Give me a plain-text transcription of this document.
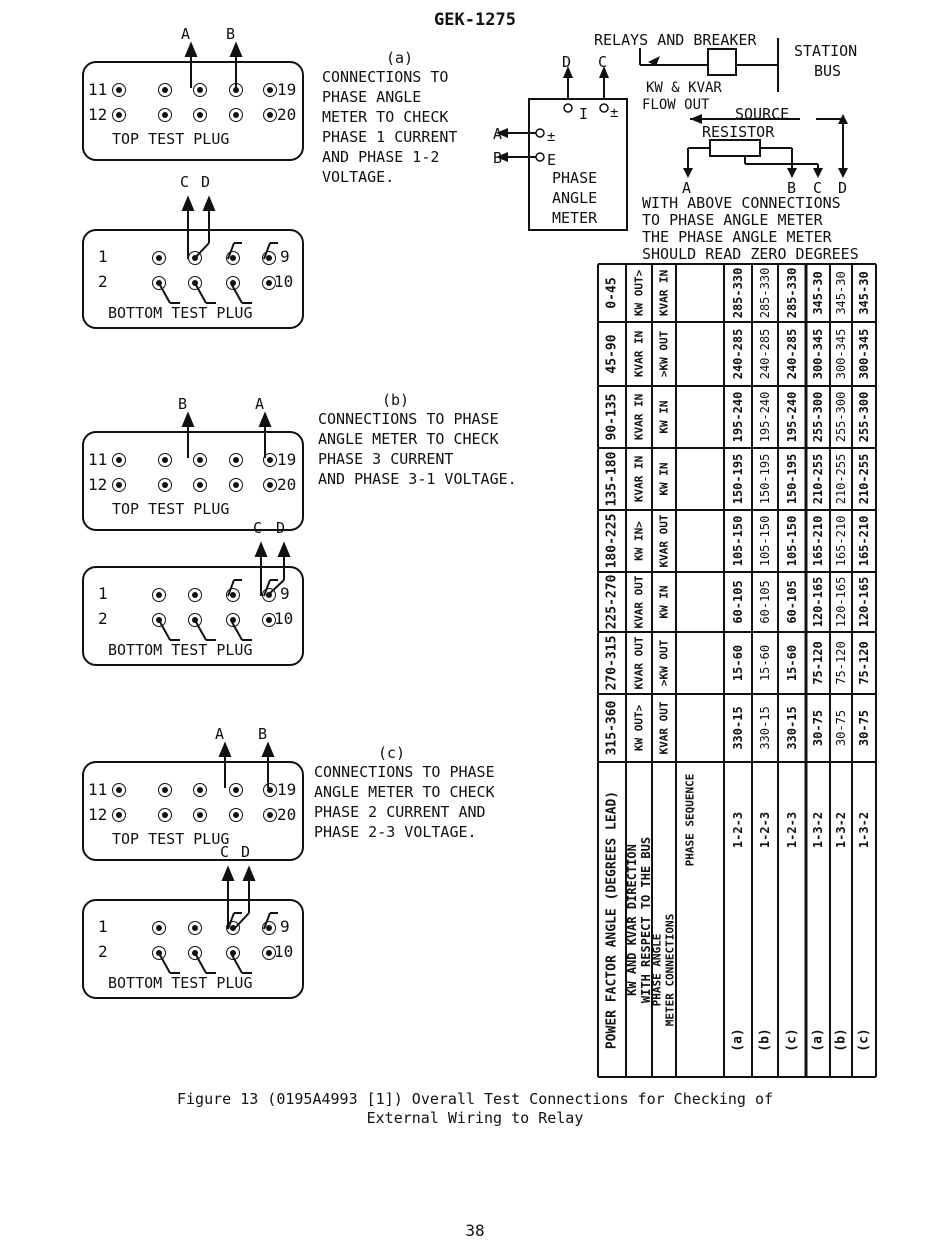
GEK-1275
A B
11
12
19
20
TOP TEST PLUG
(a)
CONNECTIONS TO
PHASE ANGLE
METER TO CHECK
PHASE 1 CURRENT
AND PHASE 1-2
VOLTAGE.
C D
1
2
9
10
BOTTOM TEST PLUG
B	A
11
12
19
20
TOP TEST PLUG
(b)
CONNECTIONS TO PHASE
ANGLE METER TO CHECK
PHASE 3 CURRENT
AND PHASE 3-1 VOLTAGE.
C D
1
2
9
10
BOTTOM TEST PLUG
A B
11
12
19
20
TOP TEST PLUG
(c)
CONNECTIONS TO PHASE
ANGLE METER TO CHECK
PHASE 2 CURRENT AND
PHASE 2-3 VOLTAGE.
C D
1
2
9
10
BOTTOM TEST PLUG
RELAYS AND BREAKER
STATION
BUS
KW & KVAR
FLOW OUT SOURCE
RESISTOR
D C
A
B
I ±
±
E
PHASE
ANGLE
METER
A	B C D
WITH ABOVE CONNECTIONS
TO PHASE ANGLE METER
THE PHASE ANGLE METER
SHOULD READ ZERO DEGREES
POWER FACTOR ANGLE (DEGREES LEAD) KW AND KVAR DIRECTION WITH RESPECT TO THE BUS
PHASE ANGLE METER CONNECTIONS
PHASE SEQUENCE
0-45 KW OUT> KVAR IN
45-90 KVAR IN >KW OUT
90-135 KVAR IN KW IN
135-180 KVAR IN KW IN
180-225 KW IN> KVAR OUT
225-270 KVAR OUT KW IN
270-315 KVAR OUT >KW OUT
315-360 KW OUT> KVAR OUT
(a)
1-2-3
330-15
15-60
60-105
105-150
150-195
195-240
240-285
285-330
(b)
1-2-3
330-15
15-60
60-105
105-150
150-195
195-240
240-285
285-330
(c)
1-2-3
330-15
15-60
60-105
105-150
150-195
195-240
240-285
285-330
(a)
1-3-2
30-75
75-120
120-165
165-210
210-255
255-300
300-345
345-30
(b)
1-3-2
30-75
75-120
120-165
165-210
210-255
255-300
300-345
345-30
(c)
1-3-2
30-75
75-120
120-165
165-210
210-255
255-300
300-345
345-30
Figure 13 (0195A4993 [1]) Overall Test Connections for Checking of
External Wiring to Relay
38
